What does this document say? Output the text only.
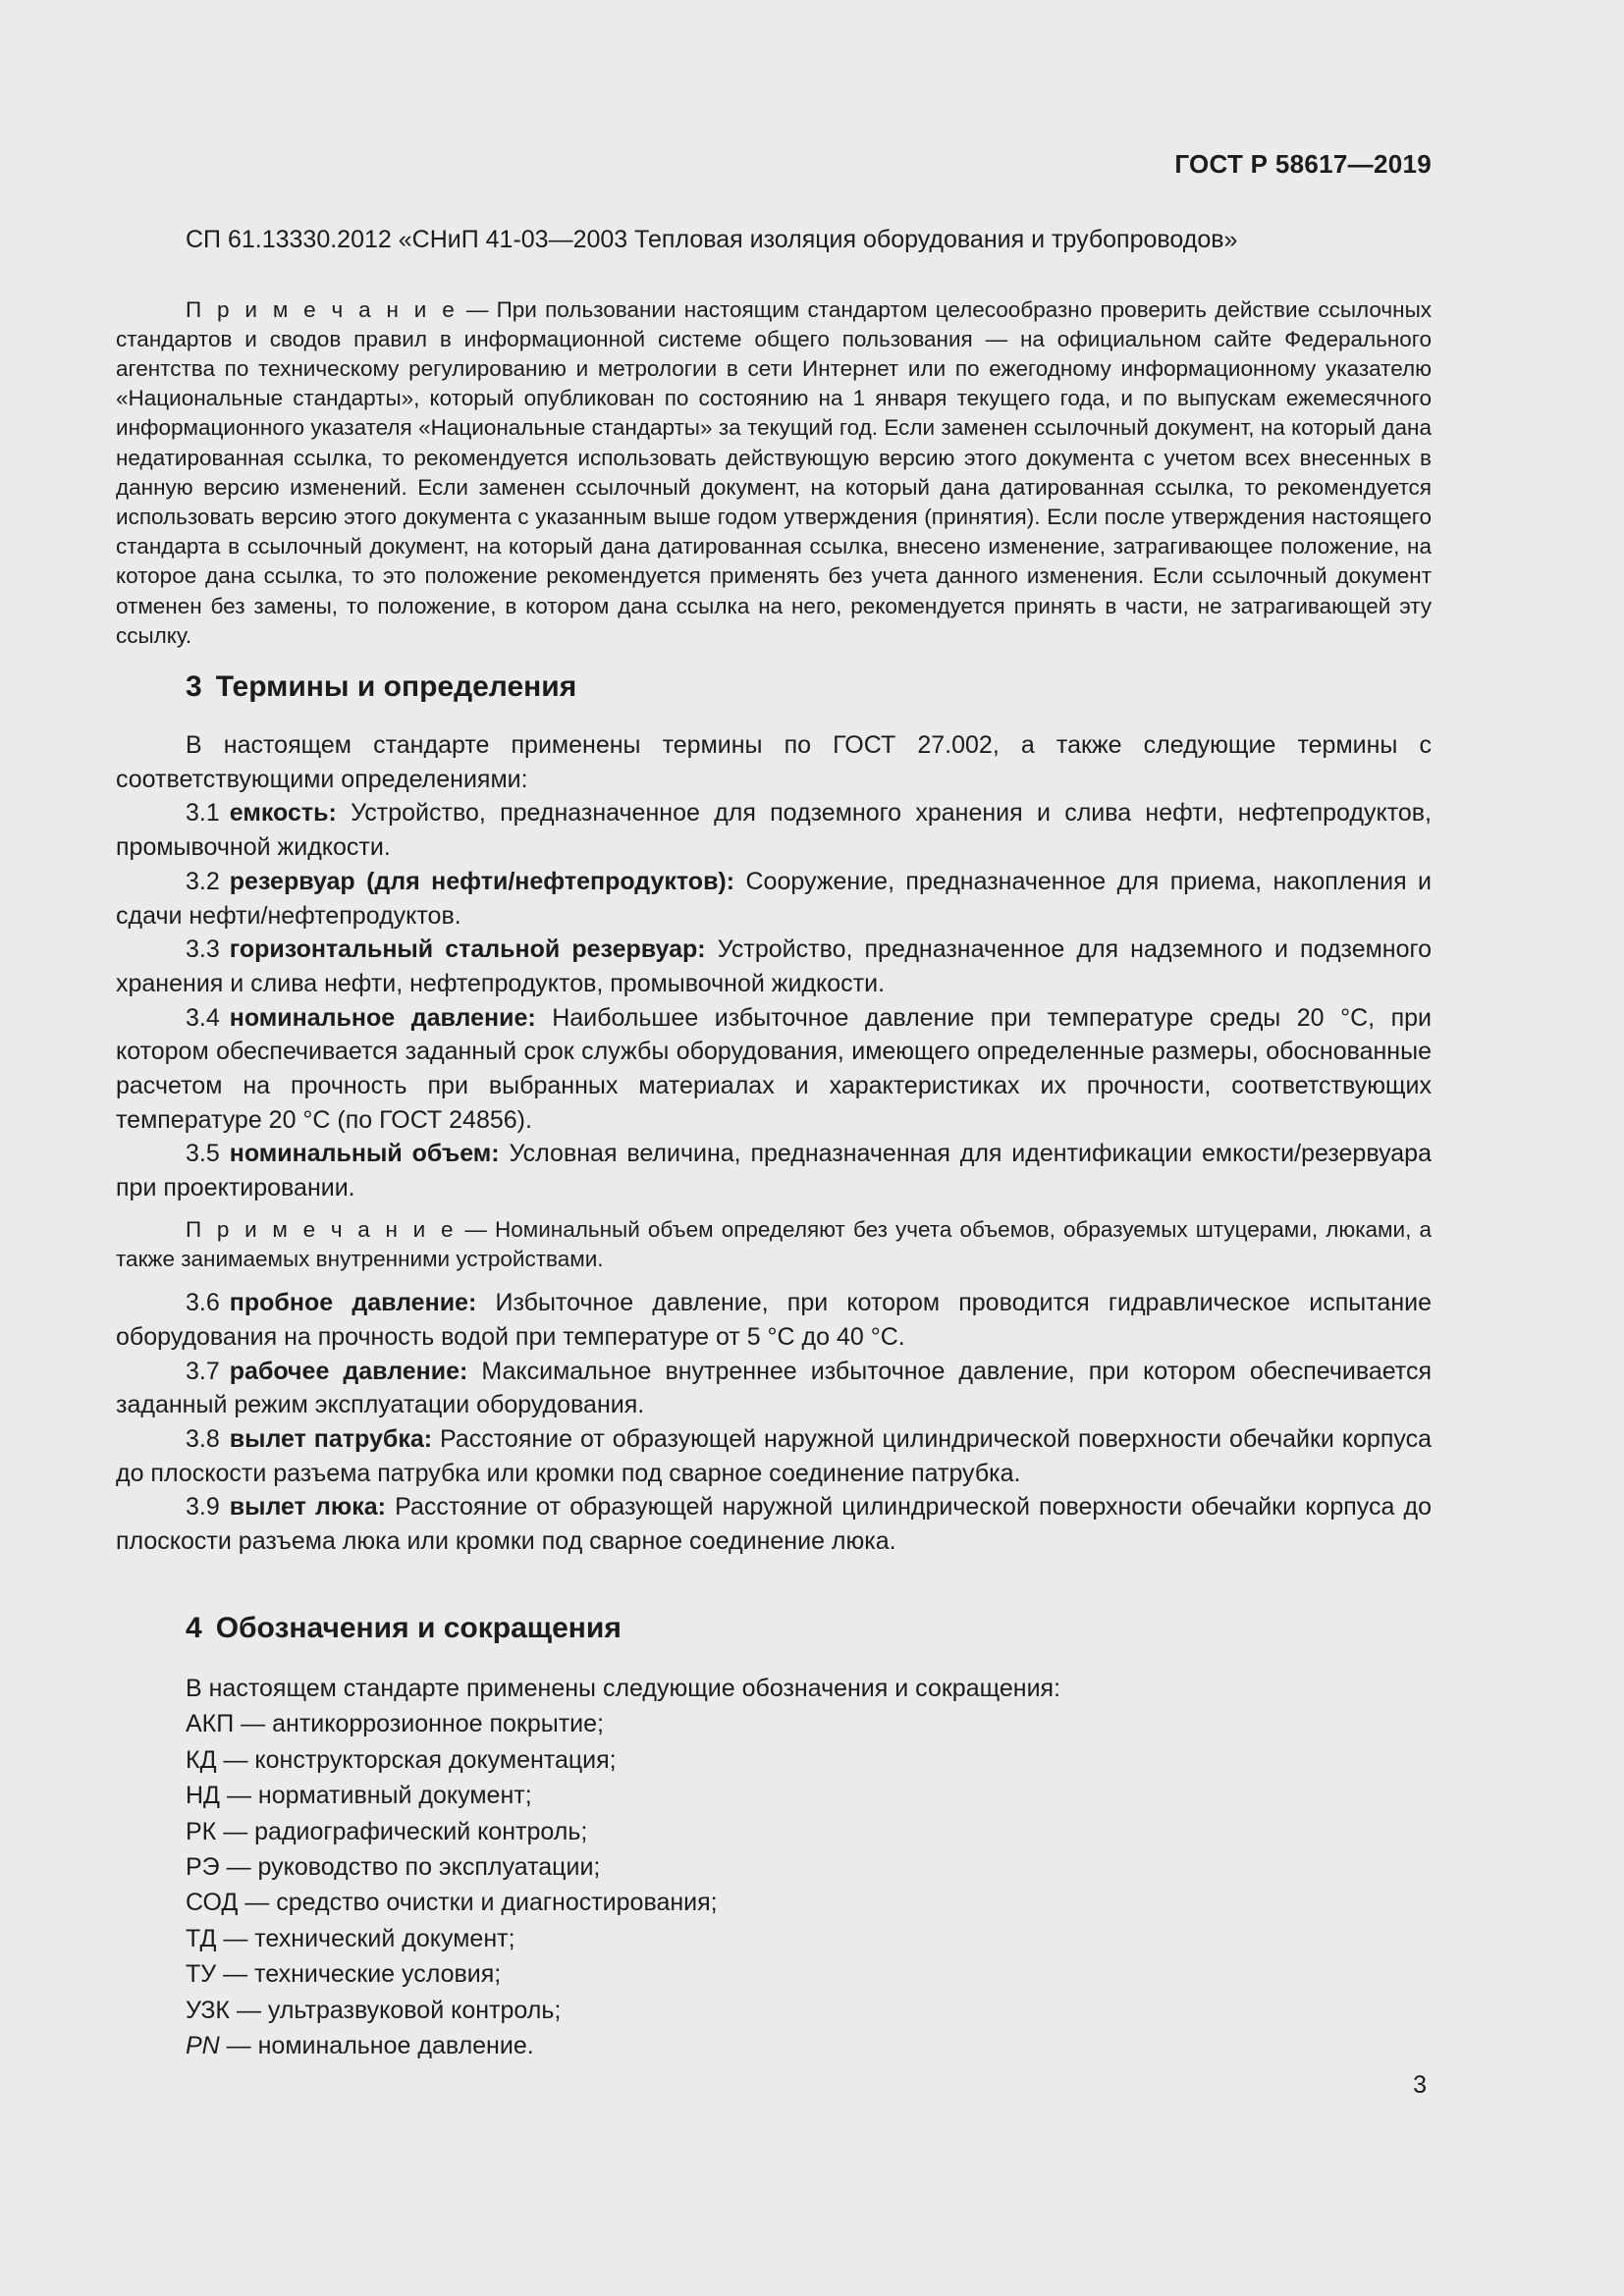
ГОСТ Р 58617—2019
СП 61.13330.2012 «СНиП 41-03—2003 Тепловая изоляция оборудования и трубопроводов»

П р и м е ч а н и е — При пользовании настоящим стандартом целесообразно проверить действие ссылочных стандартов и сводов правил в информационной системе общего пользования — на официальном сайте Федерального агентства по техническому регулированию и метрологии в сети Интернет или по ежегодному информационному указателю «Национальные стандарты», который опубликован по состоянию на 1 января текущего года, и по выпускам ежемесячного информационного указателя «Национальные стандарты» за текущий год. Если заменен ссылочный документ, на который дана недатированная ссылка, то рекомендуется использовать действующую версию этого документа с учетом всех внесенных в данную версию изменений. Если заменен ссылочный документ, на который дана датированная ссылка, то рекомендуется использовать версию этого документа с указанным выше годом утверждения (принятия). Если после утверждения настоящего стандарта в ссылочный документ, на который дана датированная ссылка, внесено изменение, затрагивающее положение, на которое дана ссылка, то это положение рекомендуется применять без учета данного изменения. Если ссылочный документ отменен без замены, то положение, в котором дана ссылка на него, рекомендуется принять в части, не затрагивающей эту ссылку.

3 Термины и определения

В настоящем стандарте применены термины по ГОСТ 27.002, а также следующие термины с соответствующими определениями:

3.1 емкость: Устройство, предназначенное для подземного хранения и слива нефти, нефтепродуктов, промывочной жидкости.

3.2 резервуар (для нефти/нефтепродуктов): Сооружение, предназначенное для приема, накопления и сдачи нефти/нефтепродуктов.

3.3 горизонтальный стальной резервуар: Устройство, предназначенное для надземного и подземного хранения и слива нефти, нефтепродуктов, промывочной жидкости.

3.4 номинальное давление: Наибольшее избыточное давление при температуре среды 20 °С, при котором обеспечивается заданный срок службы оборудования, имеющего определенные размеры, обоснованные расчетом на прочность при выбранных материалах и характеристиках их прочности, соответствующих температуре 20 °С (по ГОСТ 24856).

3.5 номинальный объем: Условная величина, предназначенная для идентификации емкости/резервуара при проектировании.

П р и м е ч а н и е — Номинальный объем определяют без учета объемов, образуемых штуцерами, люками, а также занимаемых внутренними устройствами.

3.6 пробное давление: Избыточное давление, при котором проводится гидравлическое испытание оборудования на прочность водой при температуре от 5 °С до 40 °С.

3.7 рабочее давление: Максимальное внутреннее избыточное давление, при котором обеспечивается заданный режим эксплуатации оборудования.

3.8 вылет патрубка: Расстояние от образующей наружной цилиндрической поверхности обечайки корпуса до плоскости разъема патрубка или кромки под сварное соединение патрубка.

3.9 вылет люка: Расстояние от образующей наружной цилиндрической поверхности обечайки корпуса до плоскости разъема люка или кромки под сварное соединение люка.

4 Обозначения и сокращения

В настоящем стандарте применены следующие обозначения и сокращения:

АКП — антикоррозионное покрытие;

КД — конструкторская документация;

НД — нормативный документ;

РК — радиографический контроль;

РЭ — руководство по эксплуатации;

СОД — средство очистки и диагностирования;

ТД — технический документ;

ТУ — технические условия;

УЗК — ультразвуковой контроль;

PN — номинальное давление.

3
